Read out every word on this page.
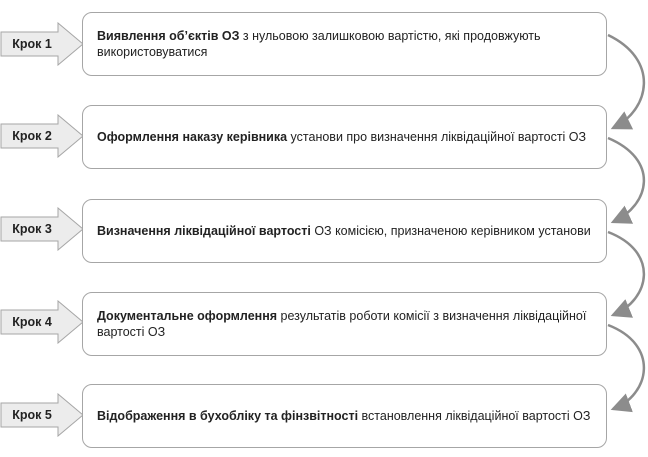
Крок 1
Виявлення об’єктів ОЗ з нульовою залишковою вартістю, які продовжують використовуватися
Крок 2	Оформлення наказу керівника установи про визначення ліквідаційної вартості ОЗ
Крок 3	Визначення ліквідаційної вартості ОЗ комісією, призначеною керівником установи
Крок 4	Документальне оформлення результатів роботи комісії з визначення ліквідаційної вартості ОЗ
Крок 5	Відображення в бухобліку та фінзвітності встановлення ліквідаційної вартості ОЗ
